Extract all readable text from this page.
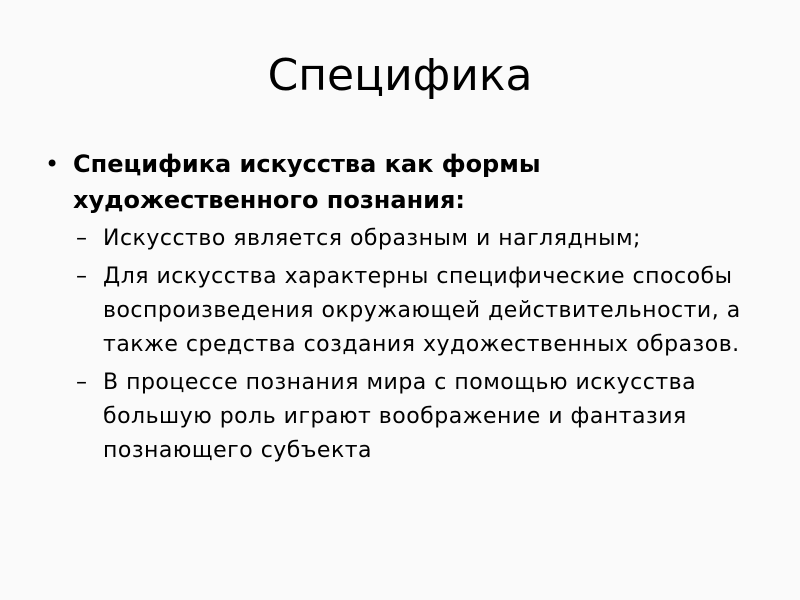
Специфика
• Специфика искусства как формы художественного познания:
– Искусство является образным и наглядным;
– Для искусства характерны специфические способы воспроизведения окружающей действительности, а также средства создания художественных образов.
– В процессе познания мира с помощью искусства большую роль играют воображение и фантазия познающего субъекта
